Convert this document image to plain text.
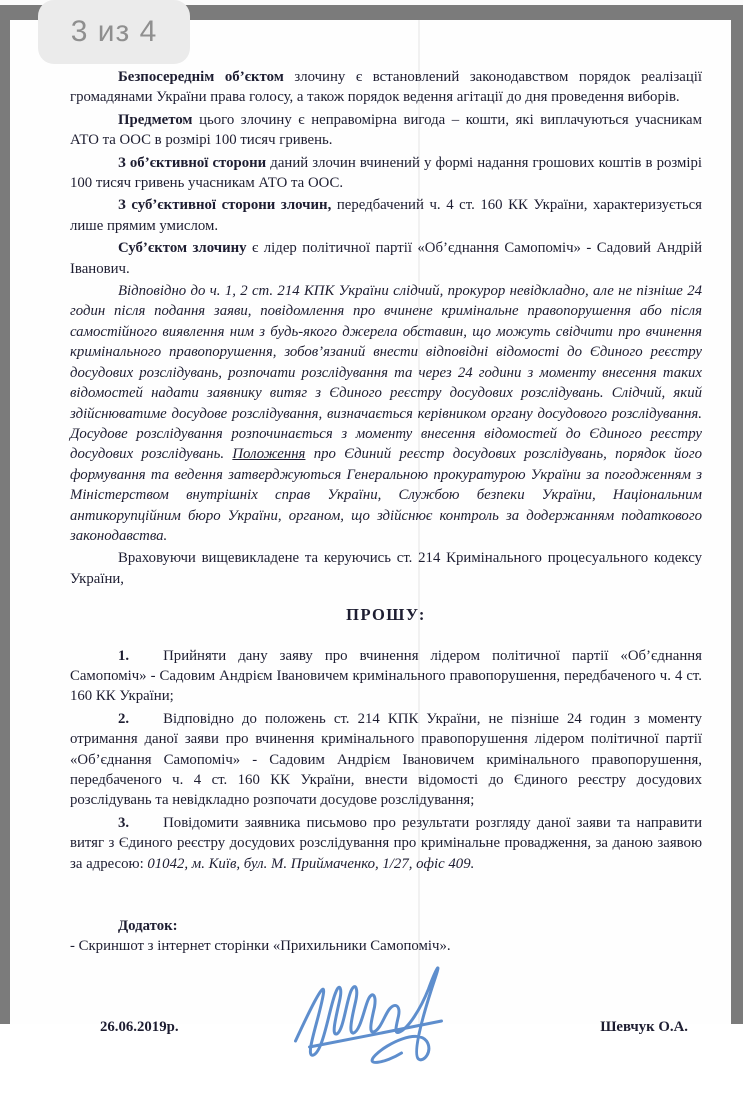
3 из 4

Безпосереднім об’єктом злочину є встановлений законодавством порядок реалізації громадянами України права голосу, а також порядок ведення агітації до дня проведення виборів.

Предметом цього злочину є неправомірна вигода – кошти, які виплачуються учасникам АТО та ООС в розмірі 100 тисяч гривень.

З об’єктивної сторони даний злочин вчинений у формі надання грошових коштів в розмірі 100 тисяч гривень учасникам АТО та ООС.

З суб’єктивної сторони злочин, передбачений ч. 4 ст. 160 КК України, характеризується лише прямим умислом.

Суб’єктом злочину є лідер політичної партії «Об’єднання Самопоміч» - Садовий Андрій Іванович.

Відповідно до ч. 1, 2 ст. 214 КПК України слідчий, прокурор невідкладно, але не пізніше 24 годин після подання заяви, повідомлення про вчинене кримінальне правопорушення або після самостійного виявлення ним з будь-якого джерела обставин, що можуть свідчити про вчинення кримінального правопорушення, зобов’язаний внести відповідні відомості до Єдиного реєстру досудових розслідувань, розпочати розслідування та через 24 години з моменту внесення таких відомостей надати заявнику витяг з Єдиного реєстру досудових розслідувань. Слідчий, який здійснюватиме досудове розслідування, визначається керівником органу досудового розслідування. Досудове розслідування розпочинається з моменту внесення відомостей до Єдиного реєстру досудових розслідувань. Положення про Єдиний реєстр досудових розслідувань, порядок його формування та ведення затверджуються Генеральною прокуратурою України за погодженням з Міністерством внутрішніх справ України, Службою безпеки України, Національним антикорупційним бюро України, органом, що здійснює контроль за додержанням податкового законодавства.

Враховуючи вищевикладене та керуючись ст. 214 Кримінального процесуального кодексу України,

ПРОШУ:

1. Прийняти дану заяву про вчинення лідером політичної партії «Об’єднання Самопоміч» - Садовим Андрієм Івановичем кримінального правопорушення, передбаченого ч. 4 ст. 160 КК України;

2. Відповідно до положень ст. 214 КПК України, не пізніше 24 годин з моменту отримання даної заяви про вчинення кримінального правопорушення лідером політичної партії «Об’єднання Самопоміч» - Садовим Андрієм Івановичем кримінального правопорушення, передбаченого ч. 4 ст. 160 КК України, внести відомості до Єдиного реєстру досудових розслідувань та невідкладно розпочати досудове розслідування;

3. Повідомити заявника письмово про результати розгляду даної заяви та направити витяг з Єдиного реєстру досудових розслідування про кримінальне провадження, за даною заявою за адресою: 01042, м. Київ, бул. М. Приймаченко, 1/27, офіс 409.

Додаток:

- Скриншот з інтернет сторінки «Прихильники Самопоміч».

26.06.2019р.	Шевчук О.А.
